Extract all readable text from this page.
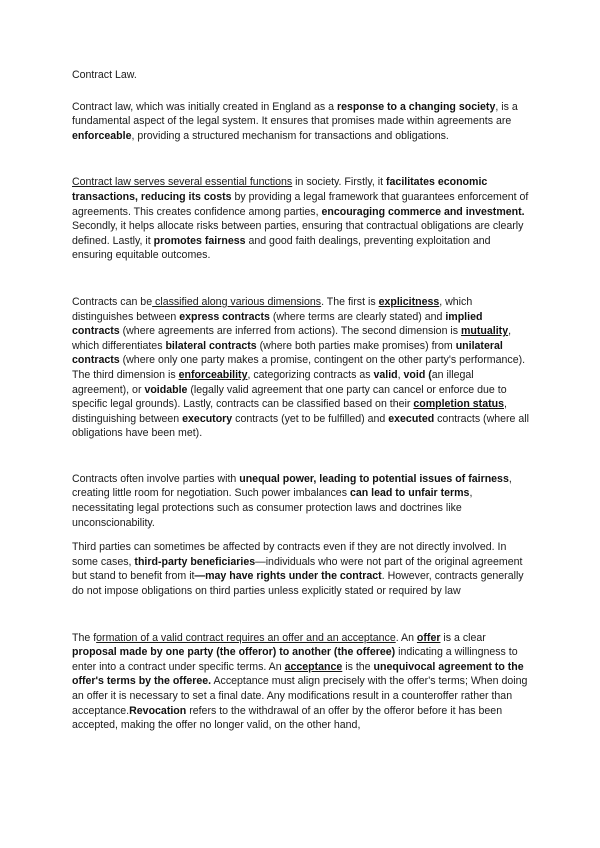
Contract Law.

Contract law, which was initially created in England as a response to a changing society, is a fundamental aspect of the legal system. It ensures that promises made within agreements are enforceable, providing a structured mechanism for transactions and obligations.

Contract law serves several essential functions in society. Firstly, it facilitates economic transactions, reducing its costs by providing a legal framework that guarantees enforcement of agreements. This creates confidence among parties, encouraging commerce and investment. Secondly, it helps allocate risks between parties, ensuring that contractual obligations are clearly defined. Lastly, it promotes fairness and good faith dealings, preventing exploitation and ensuring equitable outcomes.

Contracts can be classified along various dimensions. The first is explicitness, which distinguishes between express contracts (where terms are clearly stated) and implied contracts (where agreements are inferred from actions). The second dimension is mutuality, which differentiates bilateral contracts (where both parties make promises) from unilateral contracts (where only one party makes a promise, contingent on the other party's performance). The third dimension is enforceability, categorizing contracts as valid, void (an illegal agreement), or voidable (legally valid agreement that one party can cancel or enforce due to specific legal grounds). Lastly, contracts can be classified based on their completion status, distinguishing between executory contracts (yet to be fulfilled) and executed contracts (where all obligations have been met).

Contracts often involve parties with unequal power, leading to potential issues of fairness, creating little room for negotiation. Such power imbalances can lead to unfair terms, necessitating legal protections such as consumer protection laws and doctrines like unconscionability.

Third parties can sometimes be affected by contracts even if they are not directly involved. In some cases, third-party beneficiaries—individuals who were not part of the original agreement but stand to benefit from it—may have rights under the contract. However, contracts generally do not impose obligations on third parties unless explicitly stated or required by law

The formation of a valid contract requires an offer and an acceptance. An offer is a clear proposal made by one party (the offeror) to another (the offeree) indicating a willingness to enter into a contract under specific terms. An acceptance is the unequivocal agreement to the offer's terms by the offeree. Acceptance must align precisely with the offer's terms; When doing an offer it is necessary to set a final date. Any modifications result in a counteroffer rather than acceptance.Revocation refers to the withdrawal of an offer by the offeror before it has been accepted, making the offer no longer valid, on the other hand,
